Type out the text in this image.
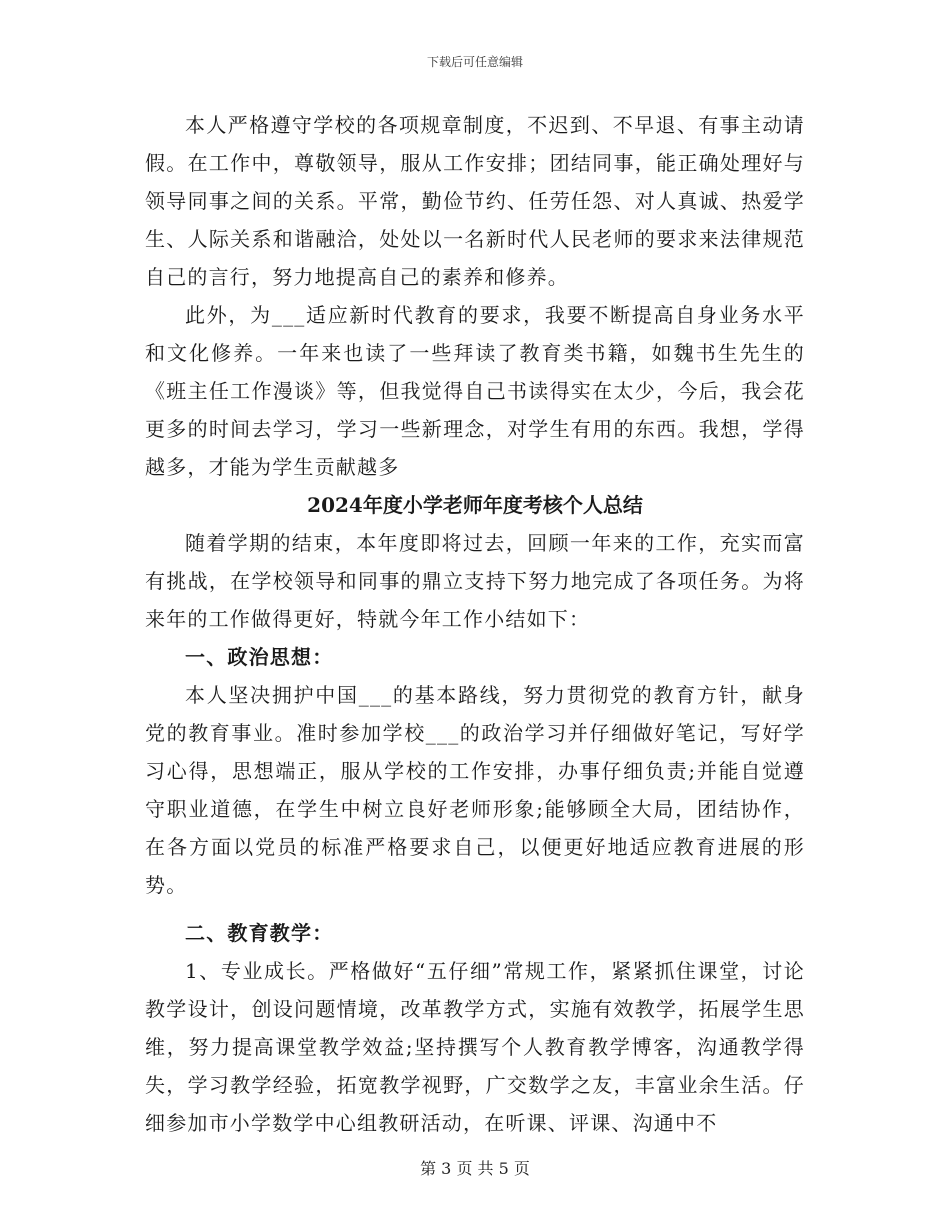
下载后可任意编辑

本人严格遵守学校的各项规章制度，不迟到、不早退、有事主动请假。在工作中，尊敬领导，服从工作安排；团结同事，能正确处理好与领导同事之间的关系。平常，勤俭节约、任劳任怨、对人真诚、热爱学生、人际关系和谐融洽，处处以一名新时代人民老师的要求来法律规范自己的言行，努力地提高自己的素养和修养。

此外，为___适应新时代教育的要求，我要不断提高自身业务水平和文化修养。一年来也读了一些拜读了教育类书籍，如魏书生先生的《班主任工作漫谈》等，但我觉得自己书读得实在太少，今后，我会花更多的时间去学习，学习一些新理念，对学生有用的东西。我想，学得越多，才能为学生贡献越多

2024年度小学老师年度考核个人总结

随着学期的结束，本年度即将过去，回顾一年来的工作，充实而富有挑战，在学校领导和同事的鼎立支持下努力地完成了各项任务。为将来年的工作做得更好，特就今年工作小结如下：

一、政治思想：

本人坚决拥护中国___的基本路线，努力贯彻党的教育方针，献身党的教育事业。准时参加学校___的政治学习并仔细做好笔记，写好学习心得，思想端正，服从学校的工作安排，办事仔细负责;并能自觉遵守职业道德，在学生中树立良好老师形象;能够顾全大局，团结协作，在各方面以党员的标准严格要求自己，以便更好地适应教育进展的形势。

二、教育教学：

1、专业成长。严格做好“五仔细”常规工作，紧紧抓住课堂，讨论教学设计，创设问题情境，改革教学方式，实施有效教学，拓展学生思维，努力提高课堂教学效益;坚持撰写个人教育教学博客，沟通教学得失，学习教学经验，拓宽教学视野，广交数学之友，丰富业余生活。仔细参加市小学数学中心组教研活动，在听课、评课、沟通中不

第 3 页 共 5 页
